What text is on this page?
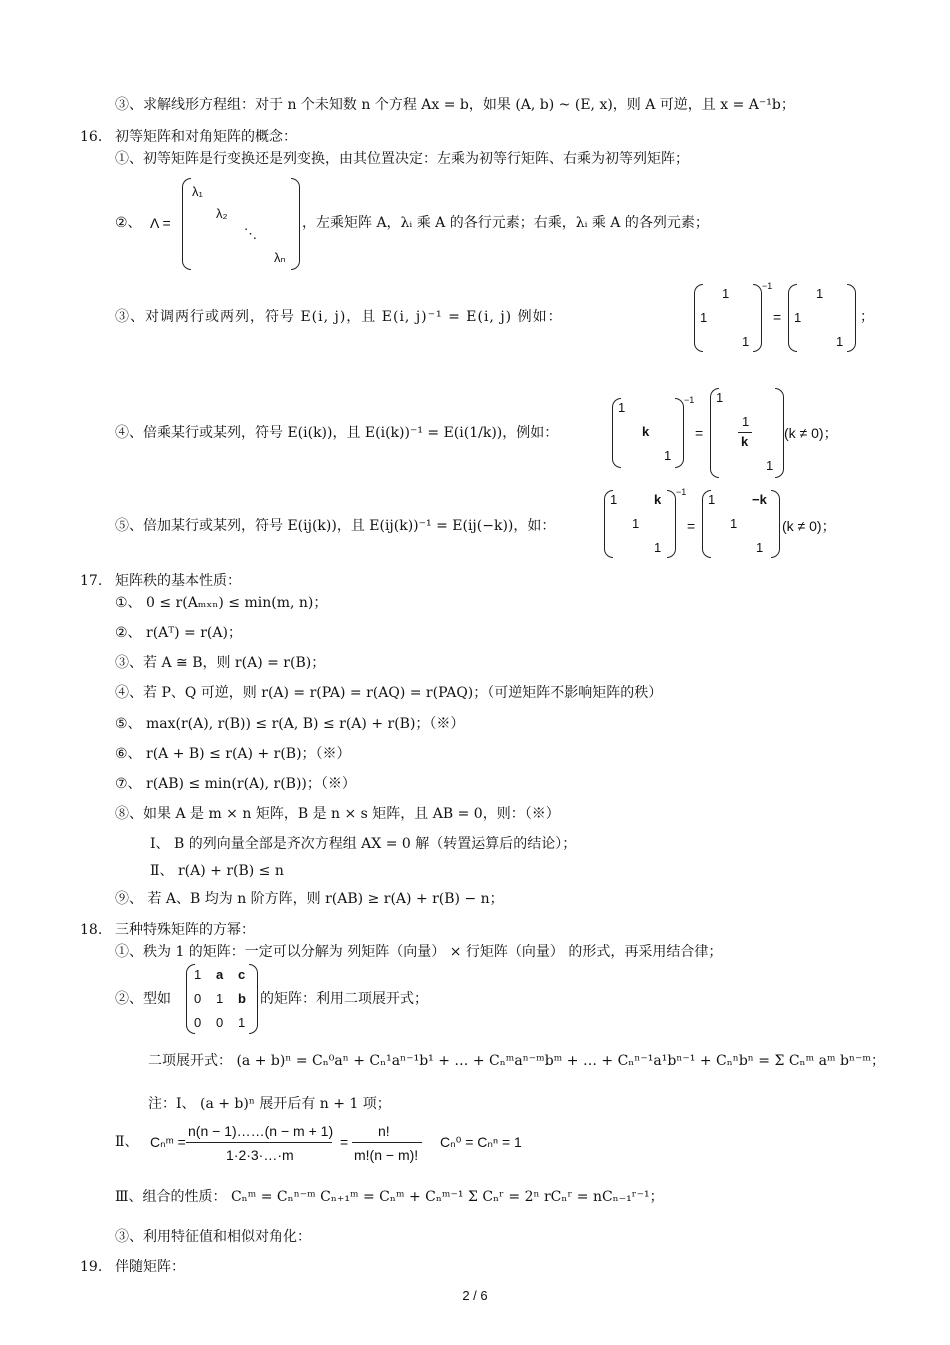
③、求解线形方程组：对于 n 个未知数 n 个方程 Ax = b，如果 (A, b) ~ (E, x)，则 A 可逆，且 x = A⁻¹b；
16. 初等矩阵和对角矩阵的概念：
①、初等矩阵是行变换还是列变换，由其位置决定：左乘为初等行矩阵、右乘为初等列矩阵；
②、 Λ =
λ₁
λ₂
⋱
λₙ
，左乘矩阵 A，λᵢ 乘 A 的各行元素；右乘，λᵢ 乘 A 的各列元素；
③、对调两行或两列，符号 E(i, j)，且 E(i, j)⁻¹ = E(i, j) 例如：
1
1
1
−1
=
1
1
1
；
④、倍乘某行或某列，符号 E(i(k))，且 E(i(k))⁻¹ = E(i(1/k))，例如：
1
k
1
−1
=
1
1
k
1
(k ≠ 0)；
⑤、倍加某行或某列，符号 E(ij(k))，且 E(ij(k))⁻¹ = E(ij(−k))，如：
1	k
1
1
−1
=
1	−k
1
1
(k ≠ 0)；
17. 矩阵秩的基本性质：
①、 0 ≤ r(Aₘₓₙ) ≤ min(m, n)；
②、 r(Aᵀ) = r(A)；
③、若 A ≅ B，则 r(A) = r(B)；
④、若 P、Q 可逆，则 r(A) = r(PA) = r(AQ) = r(PAQ)；（可逆矩阵不影响矩阵的秩）
⑤、 max(r(A), r(B)) ≤ r(A, B) ≤ r(A) + r(B)；（※）
⑥、 r(A + B) ≤ r(A) + r(B)；（※）
⑦、 r(AB) ≤ min(r(A), r(B))；（※）
⑧、如果 A 是 m × n 矩阵，B 是 n × s 矩阵，且 AB = 0，则：（※）
Ⅰ、 B 的列向量全部是齐次方程组 AX = 0 解（转置运算后的结论）；
Ⅱ、 r(A) + r(B) ≤ n
⑨、 若 A、B 均为 n 阶方阵，则 r(AB) ≥ r(A) + r(B) − n；
18. 三种特殊矩阵的方幂：
①、秩为 1 的矩阵：一定可以分解为 列矩阵（向量） × 行矩阵（向量） 的形式，再采用结合律；
②、型如
1 a c
0 1 b
0 0 1
的矩阵：利用二项展开式；
二项展开式： (a + b)ⁿ = Cₙ⁰aⁿ + Cₙ¹aⁿ⁻¹b¹ + … + Cₙᵐaⁿ⁻ᵐbᵐ + … + Cₙⁿ⁻¹a¹bⁿ⁻¹ + Cₙⁿbⁿ = Σ Cₙᵐ aᵐ bⁿ⁻ᵐ；
注：Ⅰ、 (a + b)ⁿ 展开后有 n + 1 项；
Ⅱ、 Cₙᵐ =
n(n − 1)……(n − m + 1)
1·2·3·…·m
=
n!
m!(n − m)!
Cₙ⁰ = Cₙⁿ = 1
Ⅲ、组合的性质： Cₙᵐ = Cₙⁿ⁻ᵐ Cₙ₊₁ᵐ = Cₙᵐ + Cₙᵐ⁻¹ Σ Cₙʳ = 2ⁿ rCₙʳ = nCₙ₋₁ʳ⁻¹；
③、利用特征值和相似对角化：
19. 伴随矩阵：
2 / 6
